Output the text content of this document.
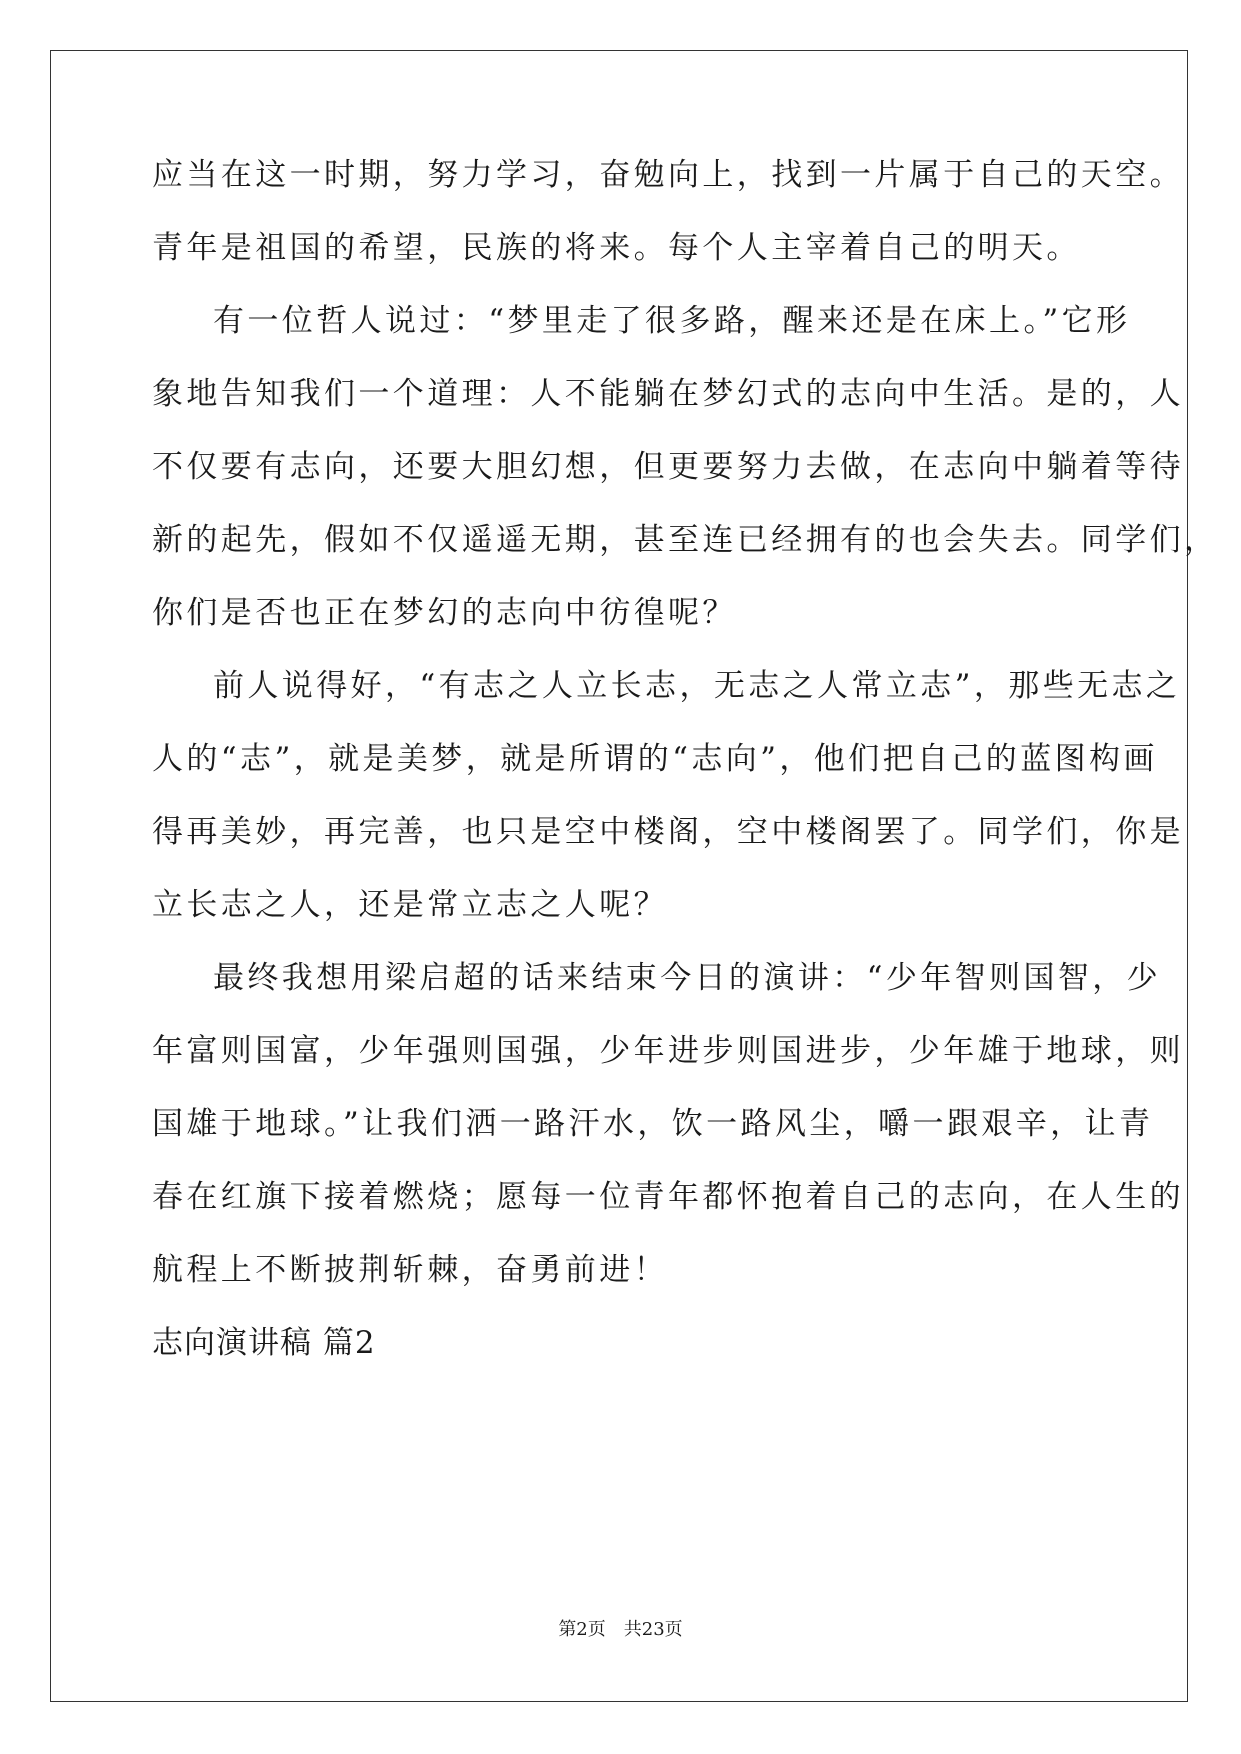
应当在这一时期，努力学习，奋勉向上，找到一片属于自己的天空。
青年是祖国的希望，民族的将来。每个人主宰着自己的明天。
有一位哲人说过：“梦里走了很多路，醒来还是在床上。”它形
象地告知我们一个道理：人不能躺在梦幻式的志向中生活。是的，人
不仅要有志向，还要大胆幻想，但更要努力去做，在志向中躺着等待
新的起先，假如不仅遥遥无期，甚至连已经拥有的也会失去。同学们，
你们是否也正在梦幻的志向中彷徨呢？
前人说得好，“有志之人立长志，无志之人常立志”，那些无志之
人的“志”，就是美梦，就是所谓的“志向”，他们把自己的蓝图构画
得再美妙，再完善，也只是空中楼阁，空中楼阁罢了。同学们，你是
立长志之人，还是常立志之人呢？
最终我想用梁启超的话来结束今日的演讲：“少年智则国智，少
年富则国富，少年强则国强，少年进步则国进步，少年雄于地球，则
国雄于地球。”让我们洒一路汗水，饮一路风尘，嚼一跟艰辛，让青
春在红旗下接着燃烧；愿每一位青年都怀抱着自己的志向，在人生的
航程上不断披荆斩棘，奋勇前进！
志向演讲稿 篇2
第2页 共23页
